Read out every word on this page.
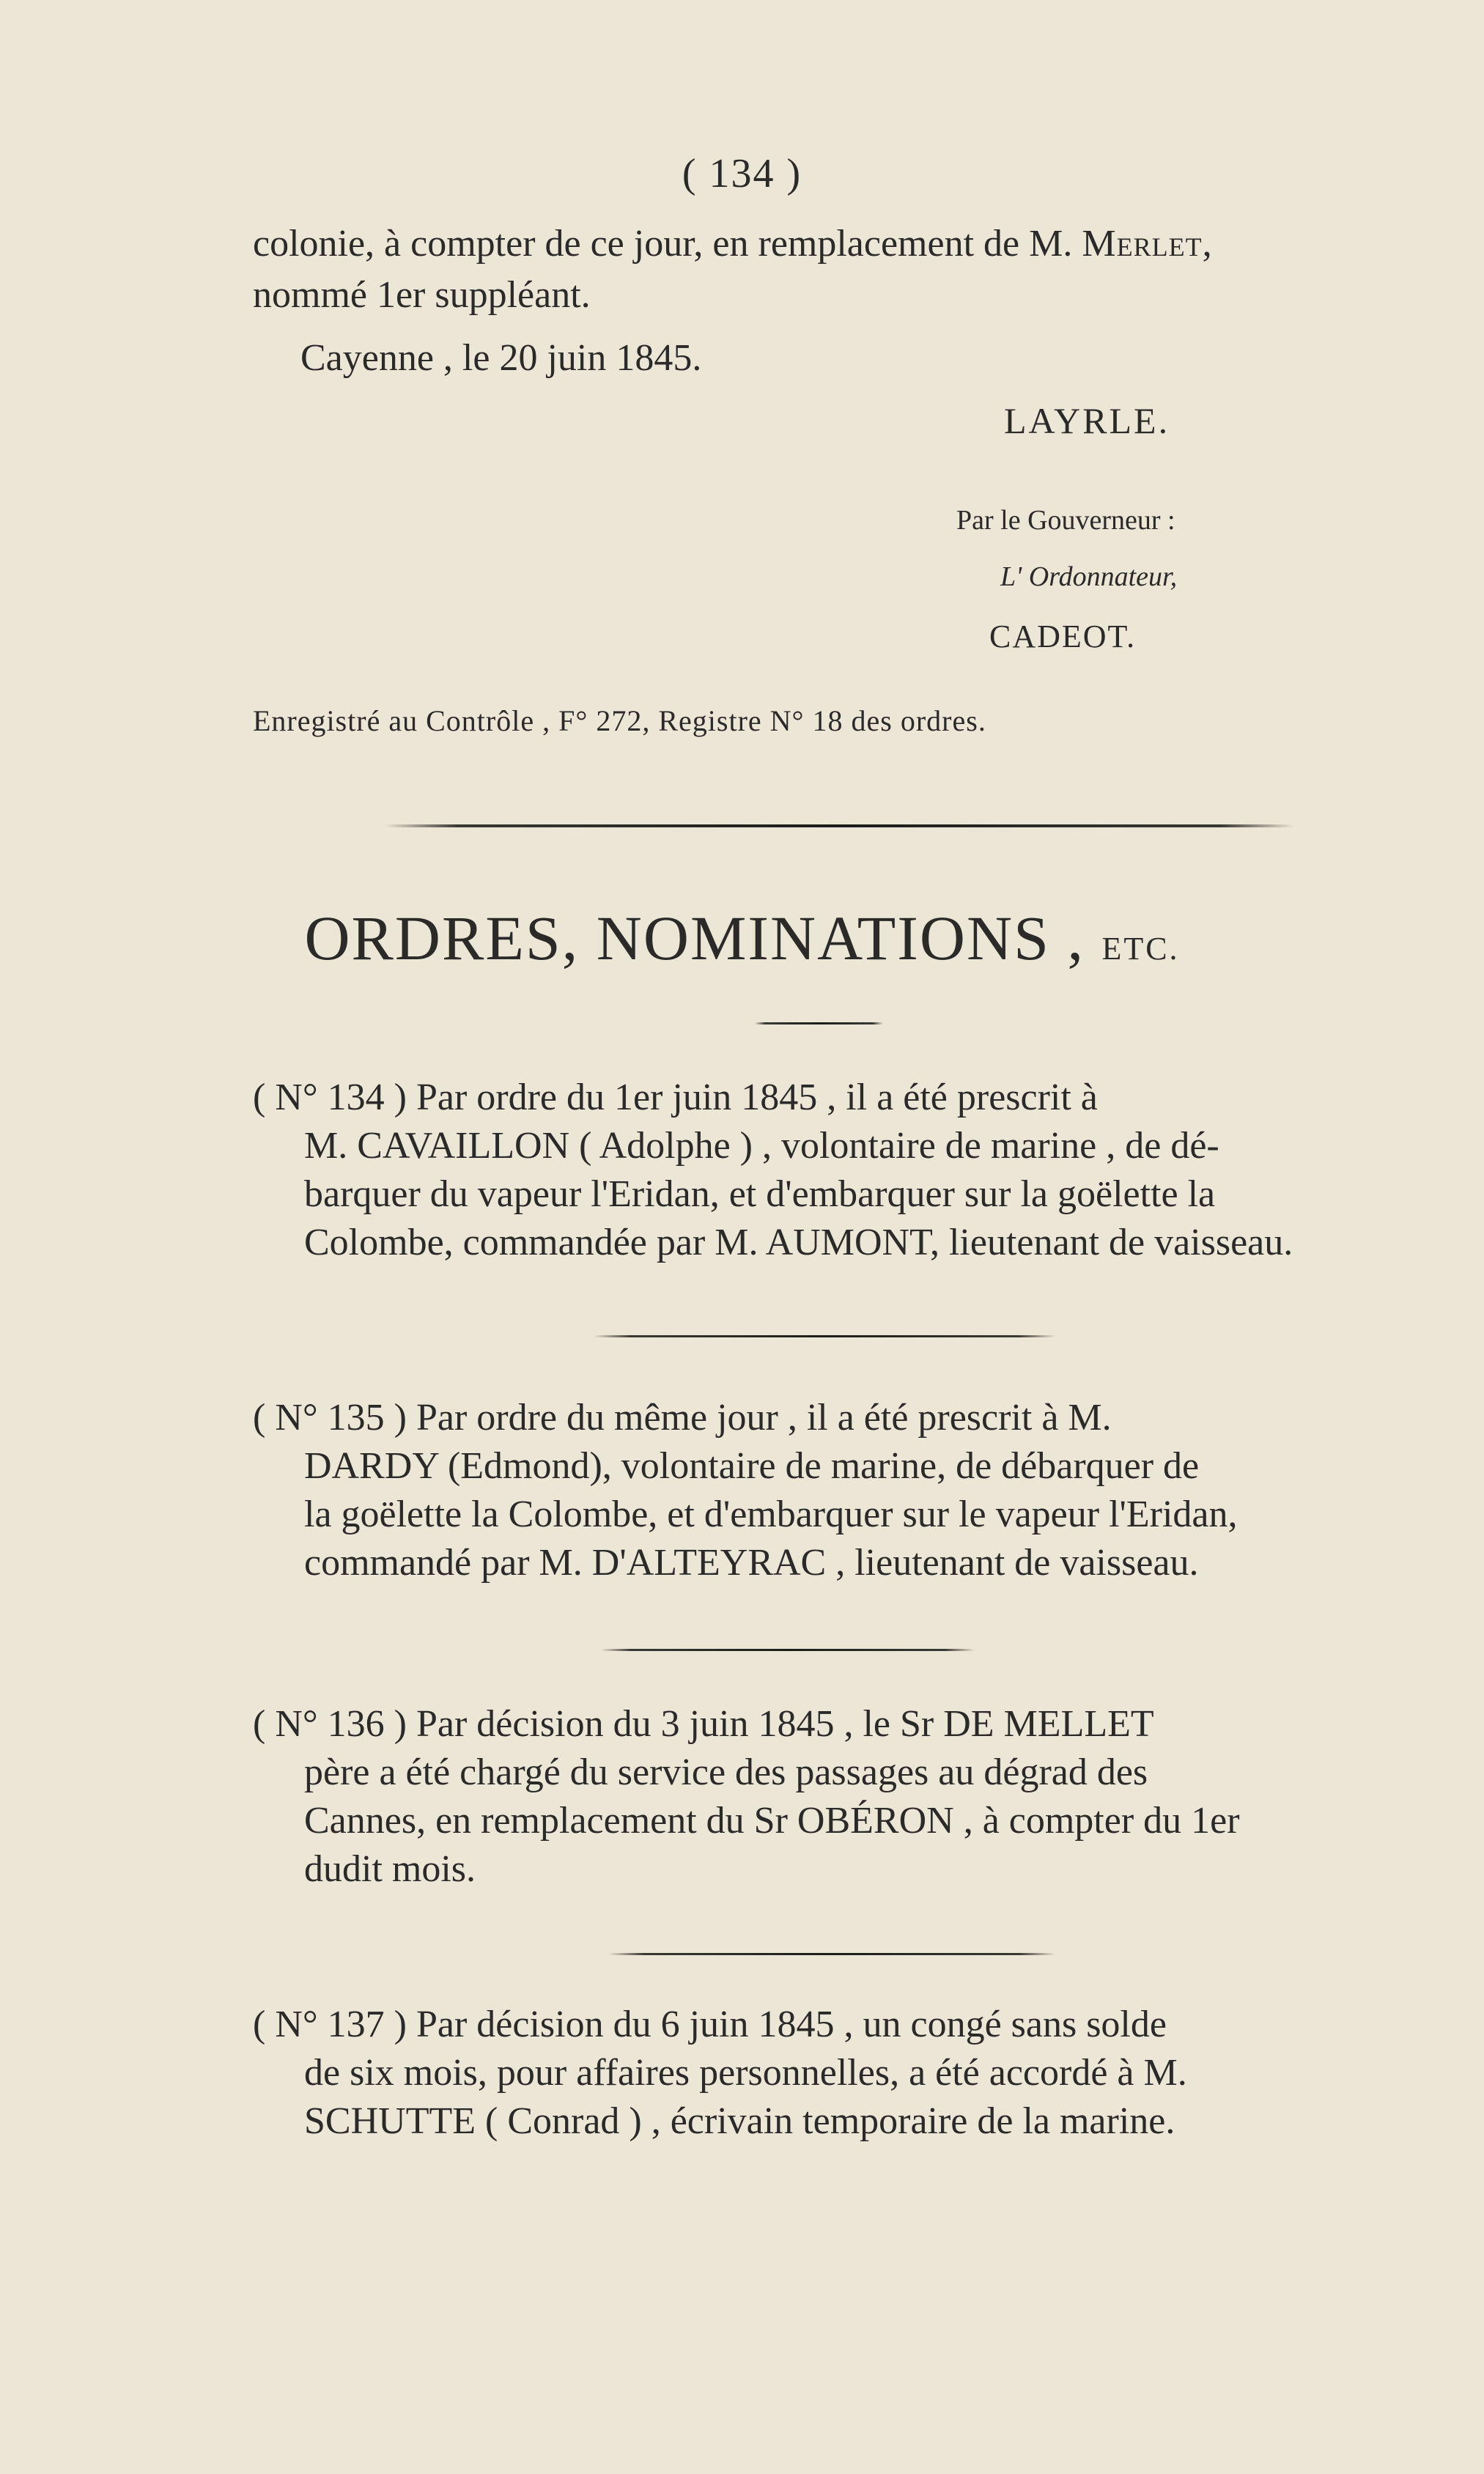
( 134 )
colonie, à compter de ce jour, en remplacement de M. Merlet,
nommé 1er suppléant.
Cayenne , le 20 juin 1845.
LAYRLE.
Par le Gouverneur :
L' Ordonnateur,
CADEOT.
Enregistré au Contrôle , F° 272, Registre N° 18 des ordres.
ORDRES, NOMINATIONS , ETC.
( N° 134 ) Par ordre du 1er juin 1845 , il a été prescrit à
M. CAVAILLON ( Adolphe ) , volontaire de marine , de dé-
barquer du vapeur l'Eridan, et d'embarquer sur la goëlette la
Colombe, commandée par M. AUMONT, lieutenant de vaisseau.
( N° 135 ) Par ordre du même jour , il a été prescrit à M.
DARDY (Edmond), volontaire de marine, de débarquer de
la goëlette la Colombe, et d'embarquer sur le vapeur l'Eridan,
commandé par M. D'ALTEYRAC , lieutenant de vaisseau.
( N° 136 ) Par décision du 3 juin 1845 , le Sr DE MELLET
père a été chargé du service des passages au dégrad des
Cannes, en remplacement du Sr OBÉRON , à compter du 1er
dudit mois.
( N° 137 ) Par décision du 6 juin 1845 , un congé sans solde
de six mois, pour affaires personnelles, a été accordé à M.
SCHUTTE ( Conrad ) , écrivain temporaire de la marine.
